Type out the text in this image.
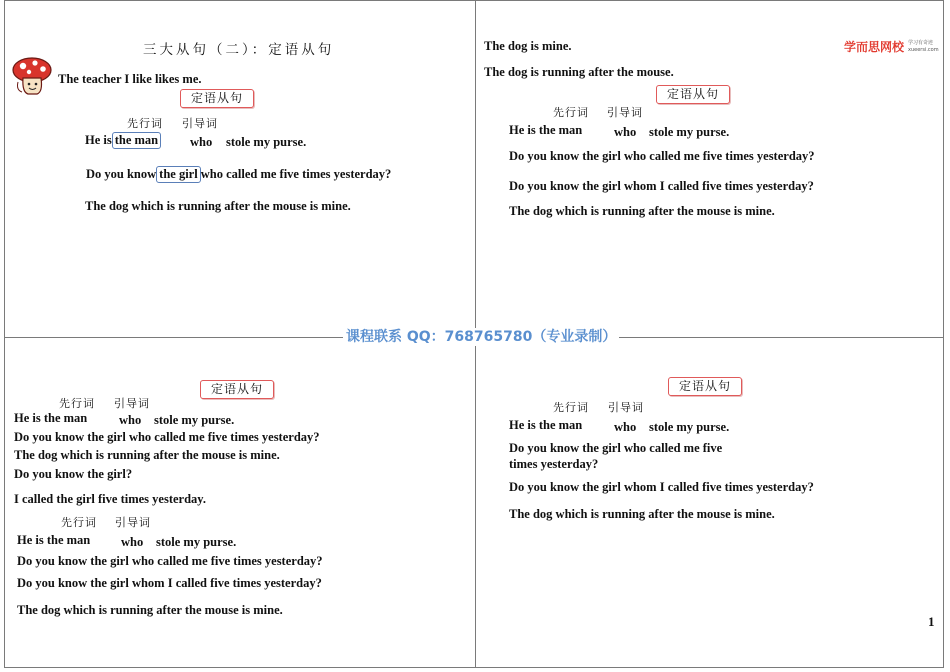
三大从句（二）：定语从句
The teacher I like likes me.
定语从句
先行词 引导词
He is the man	who stole my purse.
Do you know the girl who called me five times yesterday?
The dog which is running after the mouse is mine.
学而思网校 学习有奇迹
xueersi.com
The dog is mine.
The dog is running after the mouse.
定语从句
先行词 引导词
He is the man	who stole my purse.
Do you know the girl who called me five times yesterday?
Do you know the girl whom I called five times yesterday?
The dog which is running after the mouse is mine.
课程联系 QQ：768765780（专业录制）
定语从句
先行词 引导词
He is the man	who stole my purse.
Do you know the girl who called me five times yesterday?
The dog which is running after the mouse is mine.
Do you know the girl?
I called the girl five times yesterday.
先行词 引导词
He is the man who stole my purse.
Do you know the girl who called me five times yesterday?
Do you know the girl whom I called five times yesterday?
The dog which is running after the mouse is mine.
定语从句
先行词 引导词
He is the man	who stole my purse.
Do you know the girl who called me five
times yesterday?
Do you know the girl whom I called five times yesterday?
The dog which is running after the mouse is mine.
1
